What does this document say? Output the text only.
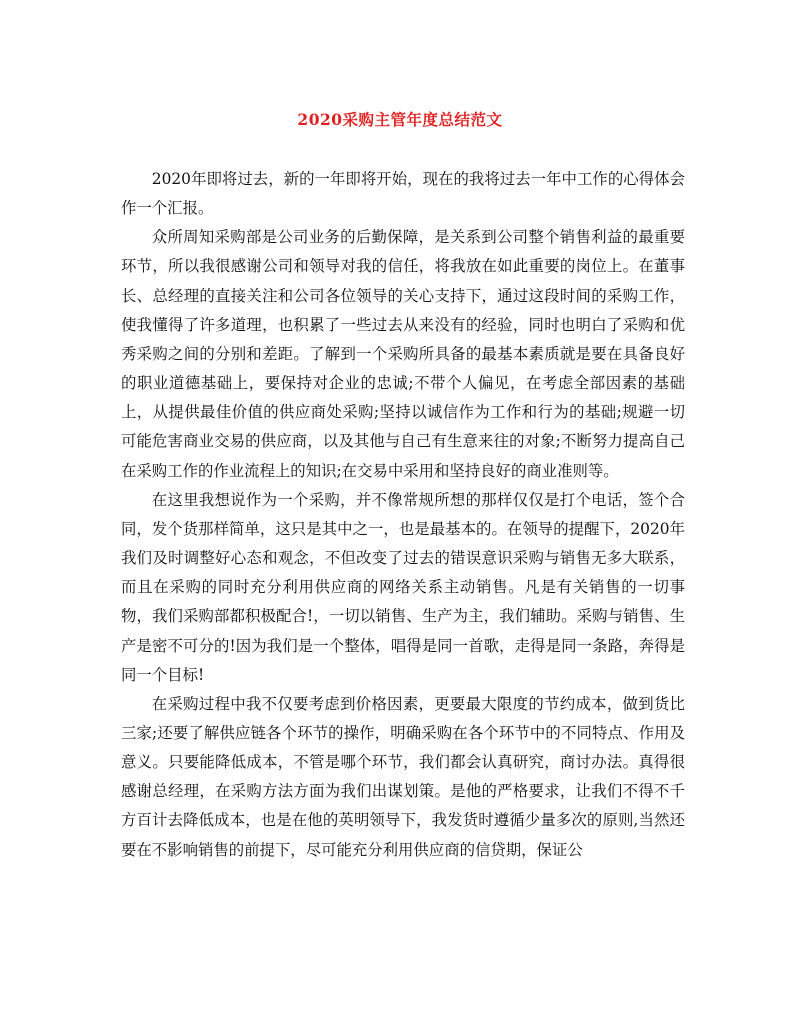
2020采购主管年度总结范文

2020年即将过去，新的一年即将开始，现在的我将过去一年中工作的心得体会作一个汇报。

众所周知采购部是公司业务的后勤保障，是关系到公司整个销售利益的最重要环节，所以我很感谢公司和领导对我的信任，将我放在如此重要的岗位上。在董事长、总经理的直接关注和公司各位领导的关心支持下，通过这段时间的采购工作，使我懂得了许多道理，也积累了一些过去从来没有的经验，同时也明白了采购和优秀采购之间的分别和差距。了解到一个采购所具备的最基本素质就是要在具备良好的职业道德基础上，要保持对企业的忠诚;不带个人偏见，在考虑全部因素的基础上，从提供最佳价值的供应商处采购;坚持以诚信作为工作和行为的基础;规避一切可能危害商业交易的供应商，以及其他与自己有生意来往的对象;不断努力提高自己在采购工作的作业流程上的知识;在交易中采用和坚持良好的商业准则等。

在这里我想说作为一个采购，并不像常规所想的那样仅仅是打个电话，签个合同，发个货那样简单，这只是其中之一，也是最基本的。在领导的提醒下，2020年我们及时调整好心态和观念，不但改变了过去的错误意识采购与销售无多大联系，而且在采购的同时充分利用供应商的网络关系主动销售。凡是有关销售的一切事物，我们采购部都积极配合!，一切以销售、生产为主，我们辅助。采购与销售、生产是密不可分的!因为我们是一个整体，唱得是同一首歌，走得是同一条路，奔得是同一个目标!

在采购过程中我不仅要考虑到价格因素，更要最大限度的节约成本，做到货比三家;还要了解供应链各个环节的操作，明确采购在各个环节中的不同特点、作用及意义。只要能降低成本，不管是哪个环节，我们都会认真研究，商讨办法。真得很感谢总经理，在采购方法方面为我们出谋划策。是他的严格要求，让我们不得不千方百计去降低成本，也是在他的英明领导下，我发货时遵循少量多次的原则,当然还要在不影响销售的前提下，尽可能充分利用供应商的信贷期，保证公
